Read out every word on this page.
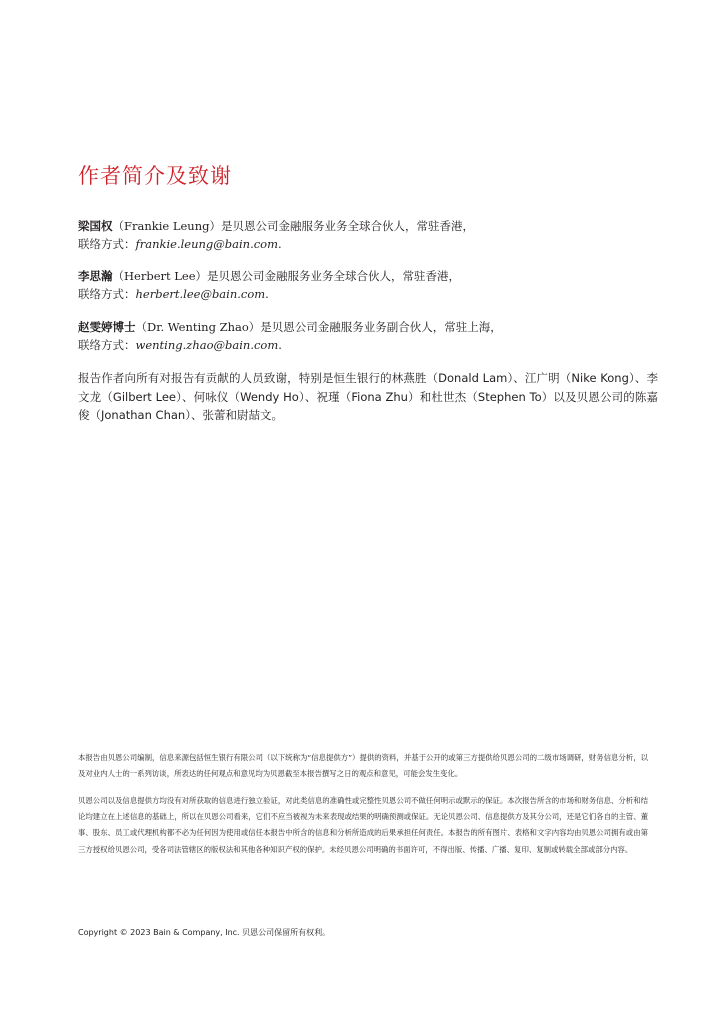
作者简介及致谢
梁国权（Frankie Leung）是贝恩公司金融服务业务全球合伙人，常驻香港，
联络方式：frankie.leung@bain.com.
李思瀚（Herbert Lee）是贝恩公司金融服务业务全球合伙人，常驻香港，
联络方式：herbert.lee@bain.com.
赵雯婷博士（Dr. Wenting Zhao）是贝恩公司金融服务业务副合伙人，常驻上海，
联络方式：wenting.zhao@bain.com.

报告作者向所有对报告有贡献的人员致谢，特别是恒生银行的林燕胜（Donald Lam）、江广明（Nike Kong）、李文龙（Gilbert Lee）、何咏仪（Wendy Ho）、祝瑾（Fiona Zhu）和杜世杰（Stephen To）以及贝恩公司的陈嘉俊（Jonathan Chan）、张蕾和尉喆文。

本报告由贝恩公司编制，信息来源包括恒生银行有限公司（以下统称为“信息提供方”）提供的资料，并基于公开的或第三方提供给贝恩公司的二级市场调研，财务信息分析，以及对业内人士的一系列访谈，所表达的任何观点和意见均为贝恩截至本报告撰写之日的观点和意见，可能会发生变化。

贝恩公司以及信息提供方均没有对所获取的信息进行独立验证，对此类信息的准确性或完整性贝恩公司不做任何明示或默示的保证。本次报告所含的市场和财务信息、分析和结论均建立在上述信息的基础上，所以在贝恩公司看来，它们不应当被视为未来表现或结果的明确预测或保证。无论贝恩公司、信息提供方及其分公司，还是它们各自的主管、董事、股东、员工或代理机构都不必为任何因为使用或信任本报告中所含的信息和分析所造成的后果承担任何责任。本报告的所有图片、表格和文字内容均由贝恩公司拥有或由第三方授权给贝恩公司，受各司法管辖区的版权法和其他各种知识产权的保护。未经贝恩公司明确的书面许可，不得出版、传播、广播、复印、复制或转载全部或部分内容。

Copyright © 2023 Bain & Company, Inc. 贝恩公司保留所有权利。
